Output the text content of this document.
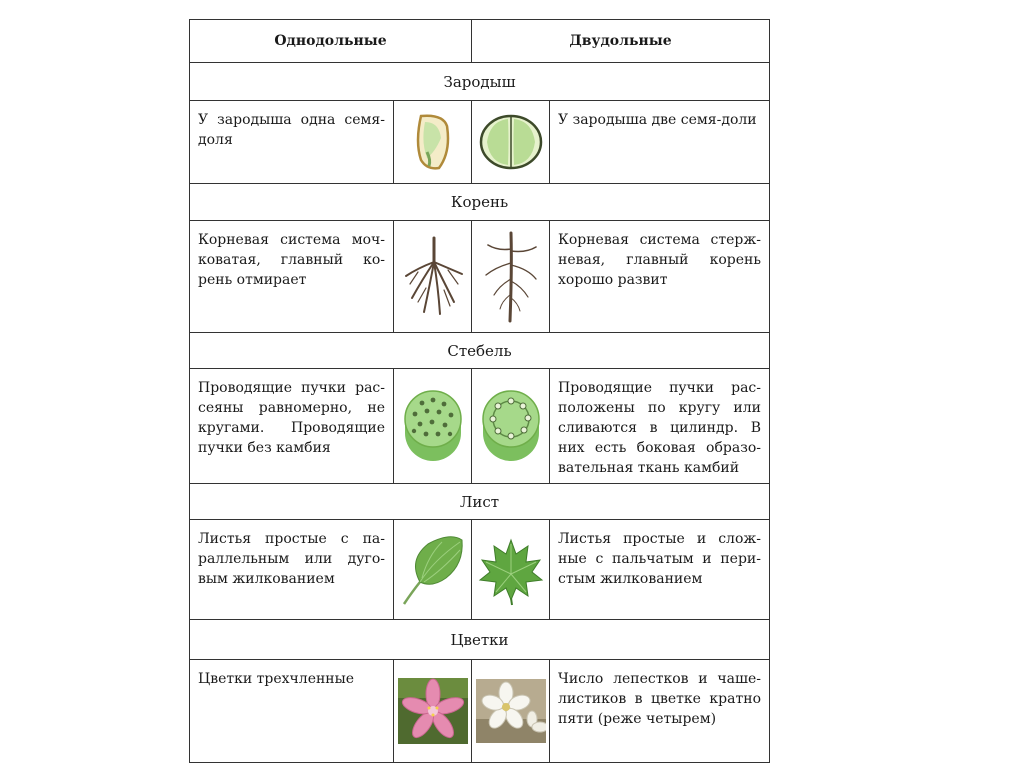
Однодольные	Двудольные
Зародыш
У зародыша одна семя-доля
У зародыша две семя-доли
Корень
Корневая система моч-коватая, главный ко-рень отмирает
Корневая система стерж-невая, главный корень хорошо развит
Стебель
Проводящие пучки рас-сеяны равномерно, не кругами. Проводящие пучки без камбия
Проводящие пучки рас-положены по кругу или сливаются в цилиндр. В них есть боковая образо-вательная ткань камбий
Лист
Листья простые с па-раллельным или дуго-вым жилкованием
Листья простые и слож-ные с пальчатым и пери-стым жилкованием
Цветки
Цветки трехчленные	Число лепестков и чаше-листиков в цветке кратно пяти (реже четырем)
